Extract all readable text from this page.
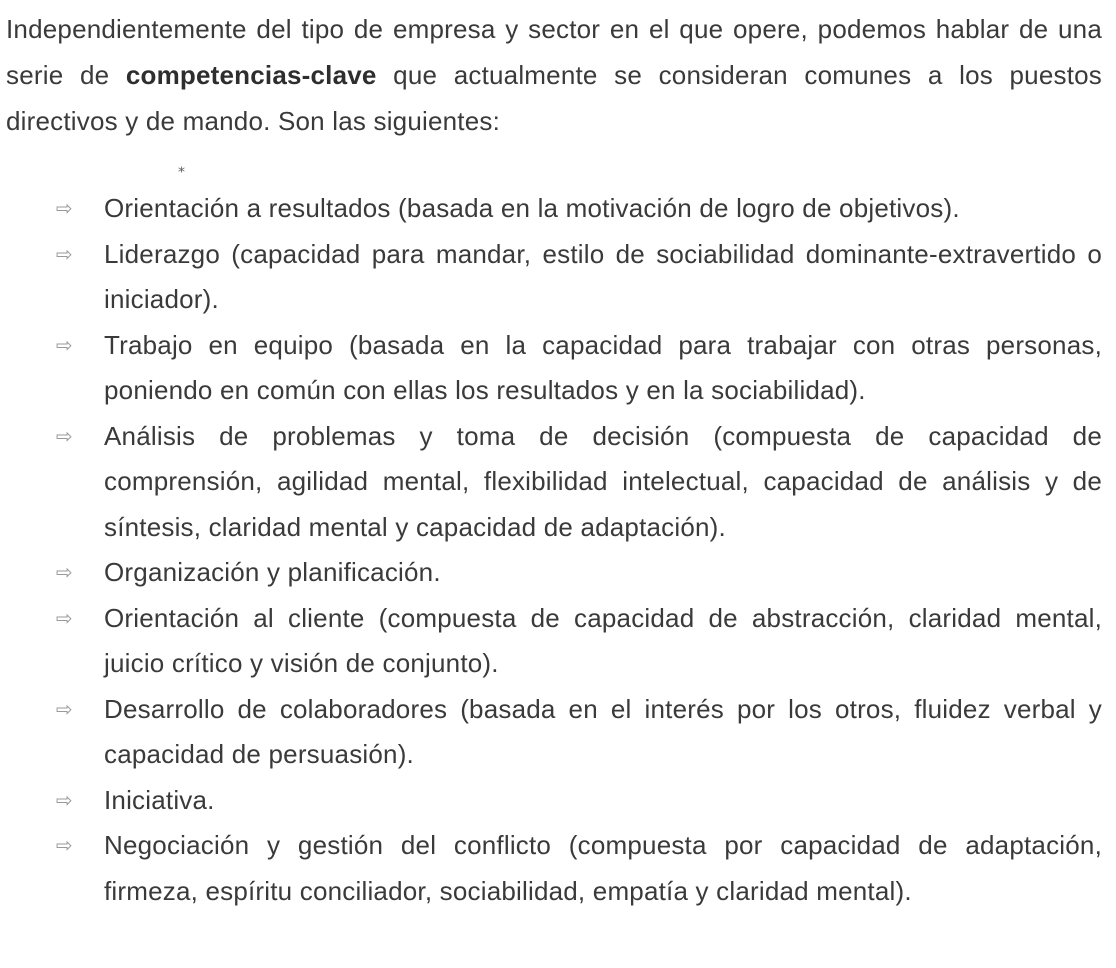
Independientemente del tipo de empresa y sector en el que opere, podemos hablar de una serie de competencias-clave que actualmente se consideran comunes a los puestos directivos y de mando. Son las siguientes:

⁎
⇨	Orientación a resultados (basada en la motivación de logro de objetivos).
⇨	Liderazgo (capacidad para mandar, estilo de sociabilidad dominante-extravertido o iniciador).
⇨	Trabajo en equipo (basada en la capacidad para trabajar con otras personas, poniendo en común con ellas los resultados y en la sociabilidad).
⇨	Análisis de problemas y toma de decisión (compuesta de capacidad de comprensión, agilidad mental, flexibilidad intelectual, capacidad de análisis y de síntesis, claridad mental y capacidad de adaptación).
⇨	Organización y planificación.
⇨	Orientación al cliente (compuesta de capacidad de abstracción, claridad mental, juicio crítico y visión de conjunto).
⇨	Desarrollo de colaboradores (basada en el interés por los otros, fluidez verbal y capacidad de persuasión).
⇨	Iniciativa.
⇨	Negociación y gestión del conflicto (compuesta por capacidad de adaptación, firmeza, espíritu conciliador, sociabilidad, empatía y claridad mental).
